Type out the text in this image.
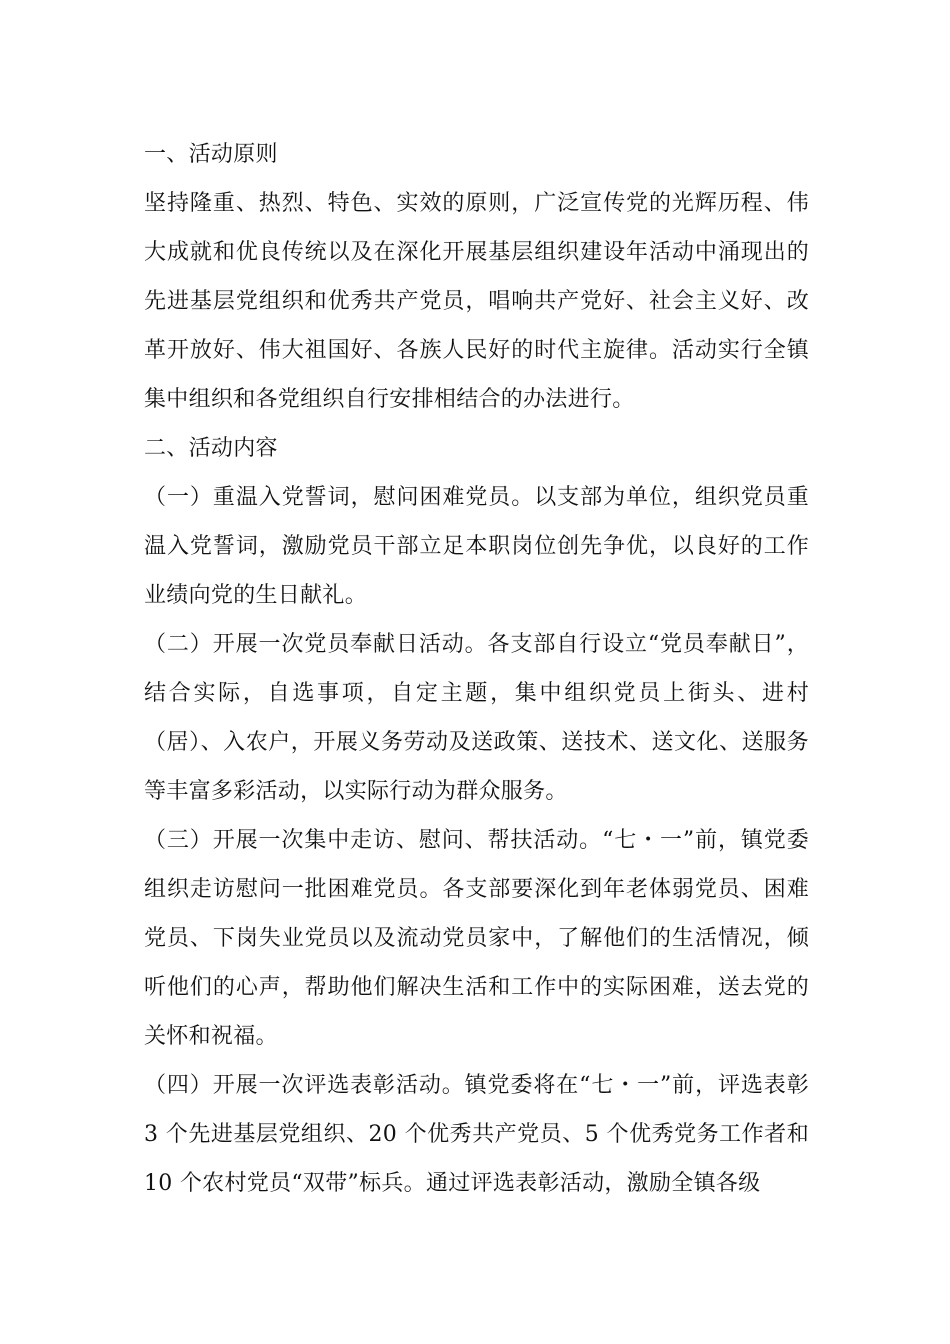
一、活动原则

坚持隆重、热烈、特色、实效的原则，广泛宣传党的光辉历程、伟大成就和优良传统以及在深化开展基层组织建设年活动中涌现出的先进基层党组织和优秀共产党员，唱响共产党好、社会主义好、改革开放好、伟大祖国好、各族人民好的时代主旋律。活动实行全镇集中组织和各党组织自行安排相结合的办法进行。

二、活动内容

（一）重温入党誓词，慰问困难党员。以支部为单位，组织党员重温入党誓词，激励党员干部立足本职岗位创先争优，以良好的工作业绩向党的生日献礼。

（二）开展一次党员奉献日活动。各支部自行设立“党员奉献日”，结合实际，自选事项，自定主题，集中组织党员上街头、进村（居）、入农户，开展义务劳动及送政策、送技术、送文化、送服务等丰富多彩活动，以实际行动为群众服务。

（三）开展一次集中走访、慰问、帮扶活动。“七・一”前，镇党委组织走访慰问一批困难党员。各支部要深化到年老体弱党员、困难党员、下岗失业党员以及流动党员家中，了解他们的生活情况，倾听他们的心声，帮助他们解决生活和工作中的实际困难，送去党的关怀和祝福。

（四）开展一次评选表彰活动。镇党委将在“七・一”前，评选表彰 3 个先进基层党组织、20 个优秀共产党员、5 个优秀党务工作者和 10 个农村党员“双带”标兵。通过评选表彰活动，激励全镇各级
